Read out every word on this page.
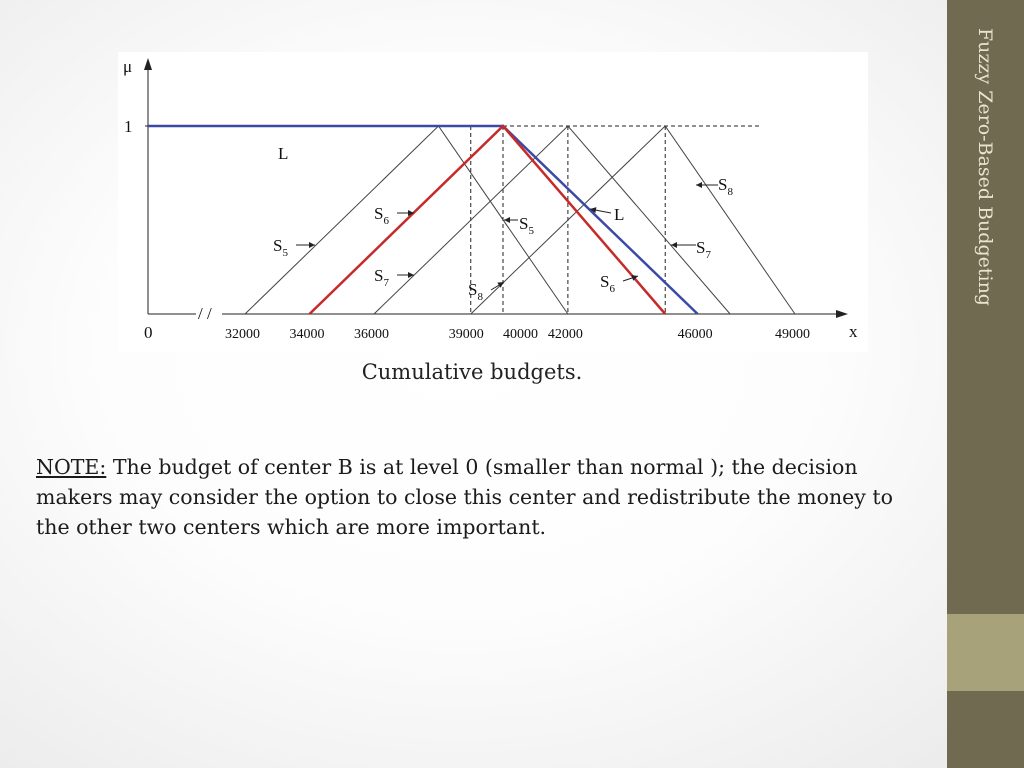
Fuzzy Zero-Based Budgeting
/ /
x
μ
0
1
32000 34000 36000	39000 40000 42000	46000	49000
L
$S_5$
$S_6$
$S_7$	$S_8$
$S_5$
L
$S_8$
$S_7$
$S_6$
Cumulative budgets.
NOTE: The budget of center B is at level 0 (smaller than normal ); the decision makers may consider the option to close this center and redistribute the money to the other two centers which are more important.
